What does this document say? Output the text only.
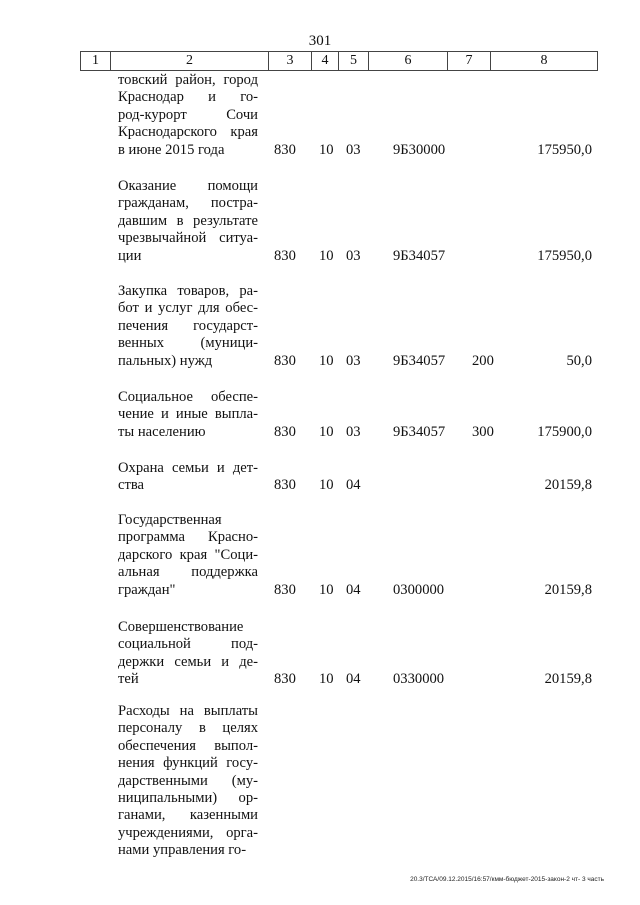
301
1	2	3	4	5	6	7	8
товский район, город
Краснодар и го-
род-курорт Сочи
Краснодарского края
в июне 2015 года	830 10 03 9Б30000	175950,0
Оказание помощи
гражданам, постра-
давшим в результате
чрезвычайной ситуа-
ции	830 10 03 9Б34057	175950,0
Закупка товаров, ра-
бот и услуг для обес-
печения государст-
венных (муници-
пальных) нужд	830 10 03 9Б34057 200	50,0
Социальное обеспе-
чение и иные выпла-
ты населению	830 10 03 9Б34057 300	175900,0
Охрана семьи и дет-
ства	830 10 04	20159,8
Государственная
программа Красно-
дарского края "Соци-
альная поддержка
граждан"	830 10 04 0300000	20159,8
Совершенствование
социальной под-
держки семьи и де-
тей	830 10 04 0330000	20159,8
Расходы на выплаты
персоналу в целях
обеспечения выпол-
нения функций госу-
дарственными (му-
ниципальными) ор-
ганами, казенными
учреждениями, орга-
нами управления го-
20.3/ТСА/09.12.2015/16:57/кмм-бюджет-2015-закон-2 чт- 3 часть
